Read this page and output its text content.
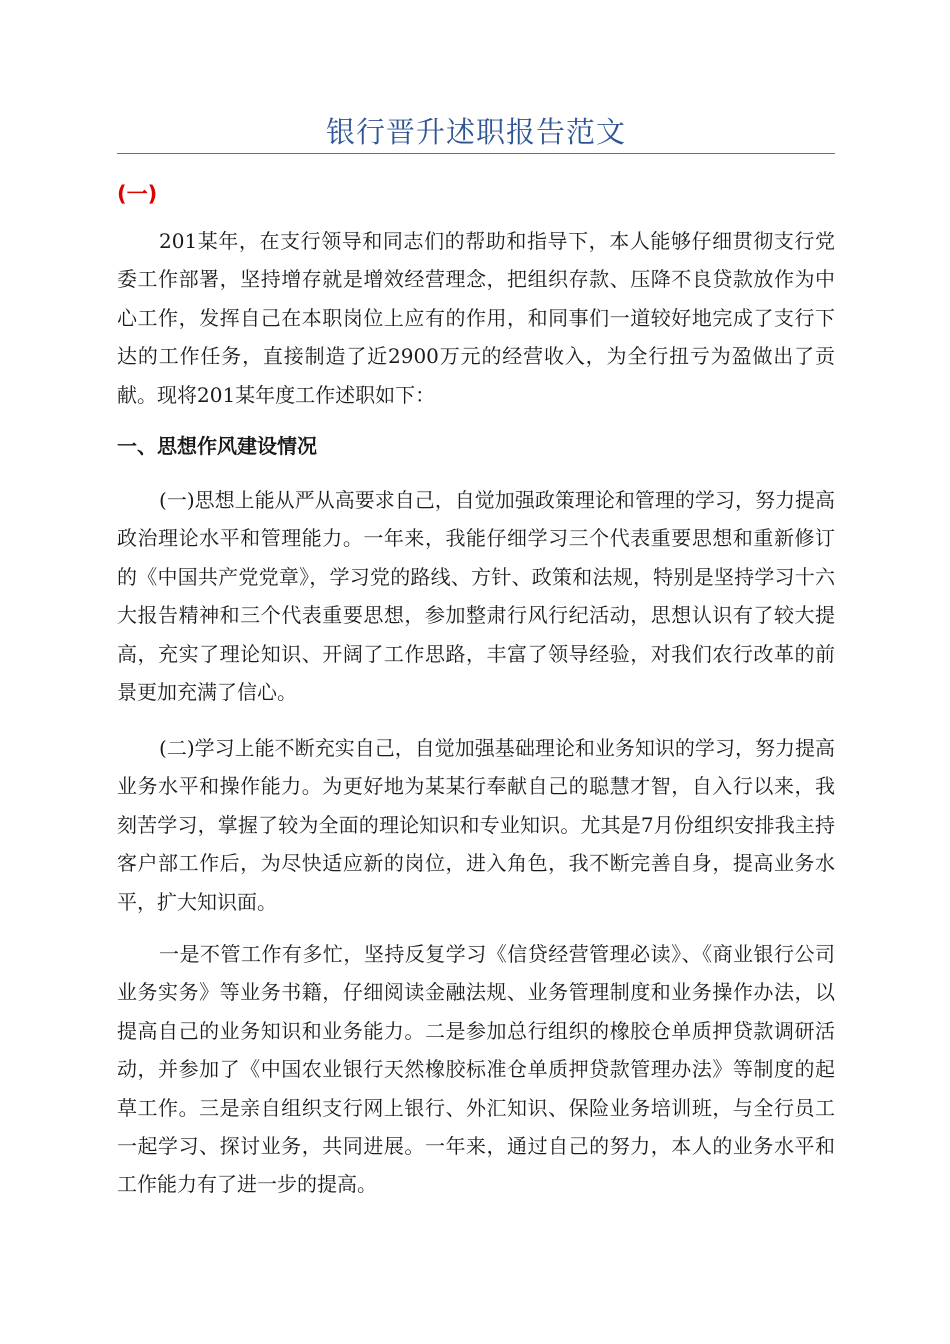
银行晋升述职报告范文
(一)

201某年，在支行领导和同志们的帮助和指导下，本人能够仔细贯彻支行党委工作部署，坚持增存就是增效经营理念，把组织存款、压降不良贷款放作为中心工作，发挥自己在本职岗位上应有的作用，和同事们一道较好地完成了支行下达的工作任务，直接制造了近2900万元的经营收入，为全行扭亏为盈做出了贡献。现将201某年度工作述职如下：

一、思想作风建设情况

(一)思想上能从严从高要求自己，自觉加强政策理论和管理的学习，努力提高政治理论水平和管理能力。一年来，我能仔细学习三个代表重要思想和重新修订的《中国共产党党章》，学习党的路线、方针、政策和法规，特别是坚持学习十六大报告精神和三个代表重要思想，参加整肃行风行纪活动，思想认识有了较大提高，充实了理论知识、开阔了工作思路，丰富了领导经验，对我们农行改革的前景更加充满了信心。

(二)学习上能不断充实自己，自觉加强基础理论和业务知识的学习，努力提高业务水平和操作能力。为更好地为某某行奉献自己的聪慧才智，自入行以来，我刻苦学习，掌握了较为全面的理论知识和专业知识。尤其是7月份组织安排我主持客户部工作后，为尽快适应新的岗位，进入角色，我不断完善自身，提高业务水平，扩大知识面。

一是不管工作有多忙，坚持反复学习《信贷经营管理必读》、《商业银行公司业务实务》等业务书籍，仔细阅读金融法规、业务管理制度和业务操作办法，以提高自己的业务知识和业务能力。二是参加总行组织的橡胶仓单质押贷款调研活动，并参加了《中国农业银行天然橡胶标准仓单质押贷款管理办法》等制度的起草工作。三是亲自组织支行网上银行、外汇知识、保险业务培训班，与全行员工一起学习、探讨业务，共同进展。一年来，通过自己的努力，本人的业务水平和工作能力有了进一步的提高。
